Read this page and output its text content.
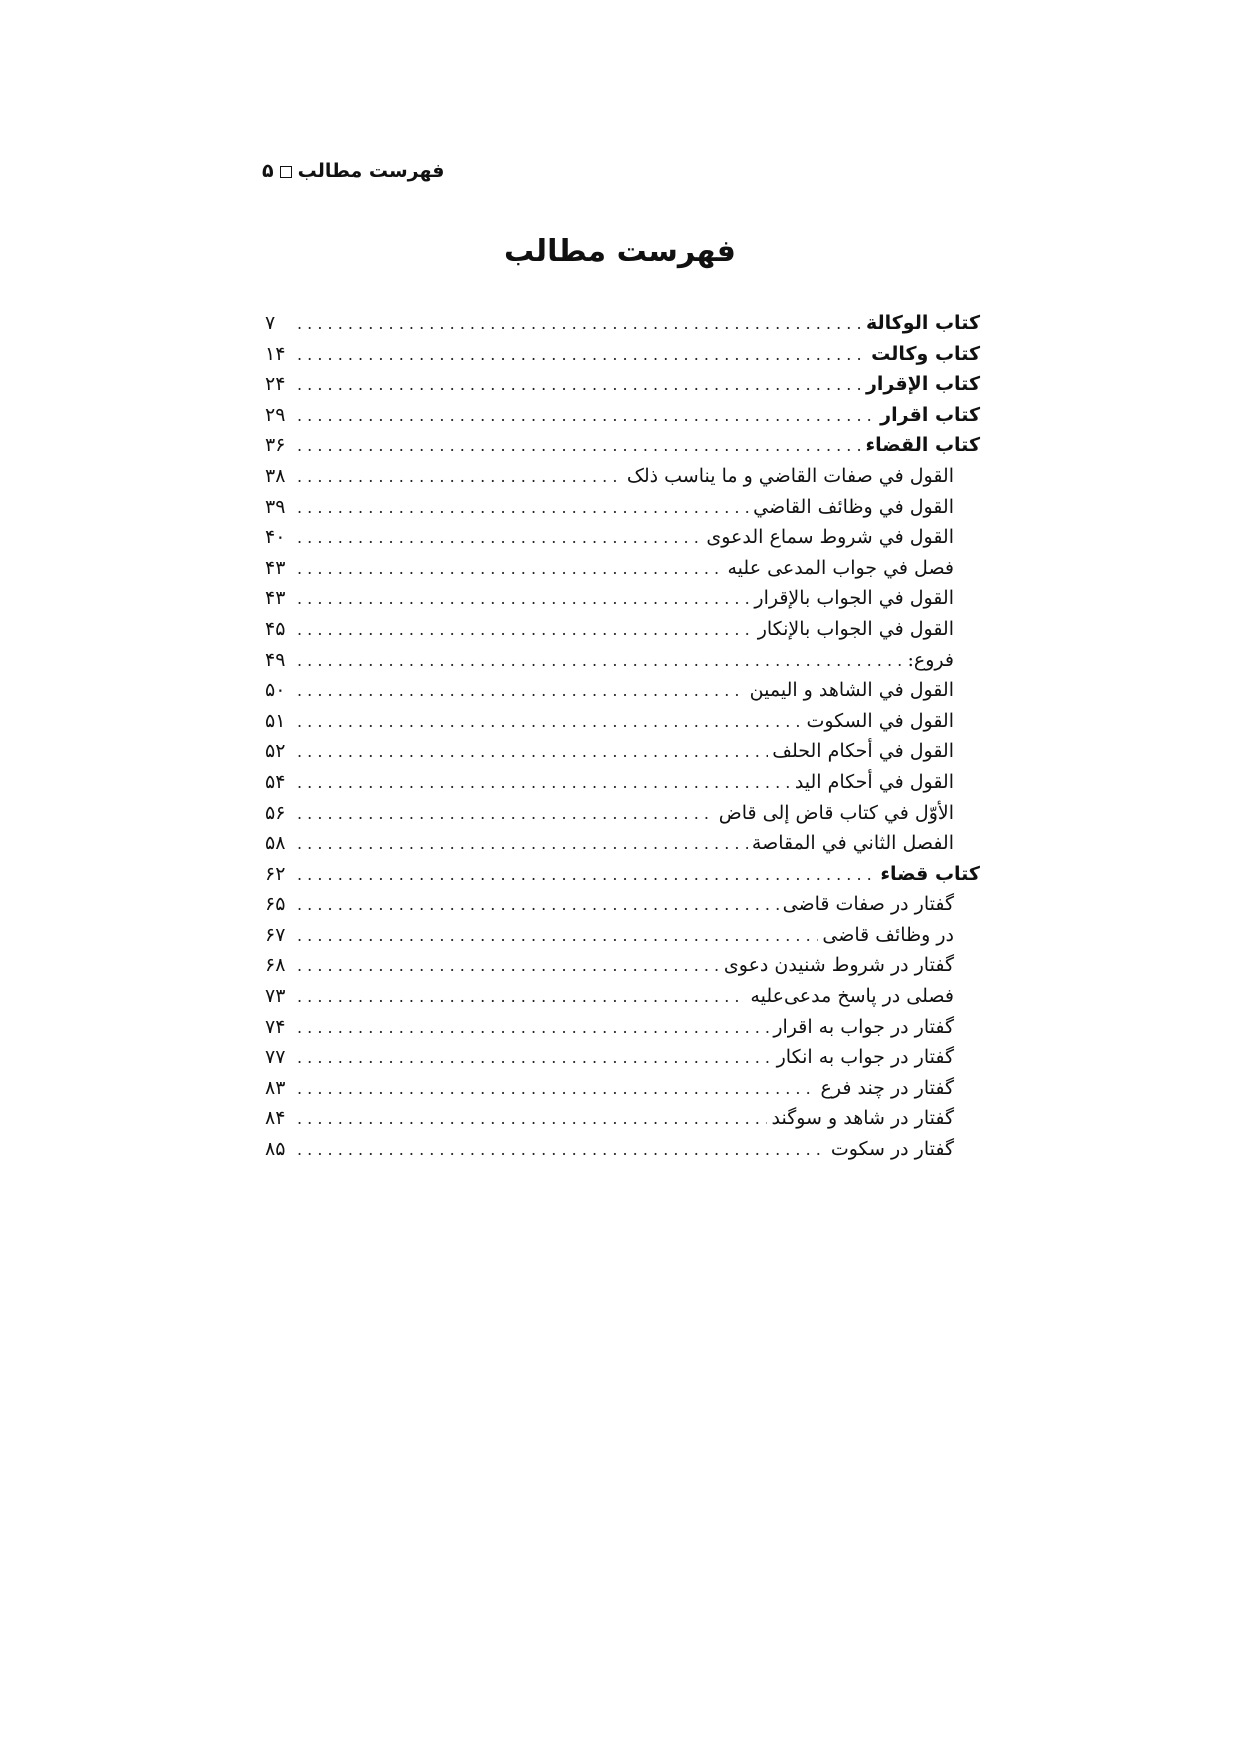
فهرست مطالب۵
فهرست مطالب
کتاب الوکالة
. . .
۷
کتاب وکالت
. . .
۱۴
کتاب الإقرار
. . .
۲۴
کتاب اقرار
. . .
۲۹
کتاب القضاء
. . .
۳۶
القول في صفات القاضي و ما يناسب ذلک
. . .
۳۸
القول في وظائف القاضي
. . .
۳۹
القول في شروط سماع الدعوی
. . .
۴۰
فصل في جواب المدعی عليه
. . .
۴۳
القول في الجواب بالإقرار
. . .
۴۳
القول في الجواب بالإنكار
. . .
۴۵
فروع:
. . .
۴۹
القول في الشاهد و اليمين
. . .
۵۰
القول في السكوت
. . .
۵۱
القول في أحكام الحلف
. . .
۵۲
القول في أحكام اليد
. . .
۵۴
الأوّل في كتاب قاض إلی قاض
. . .
۵۶
الفصل الثاني في المقاصة
. . .
۵۸
کتاب قضاء
. . .
۶۲
گفتار در صفات قاضی
. . .
۶۵
در وظائف قاضی
. . .
۶۷
گفتار در شروط شنیدن دعوی
. . .
۶۸
فصلی در پاسخ مدعی‌علیه
. . .
۷۳
گفتار در جواب به اقرار
. . .
۷۴
گفتار در جواب به انکار
. . .
۷۷
گفتار در چند فرع
. . .
۸۳
گفتار در شاهد و سوگند
. . .
۸۴
گفتار در سکوت
. . .
۸۵
